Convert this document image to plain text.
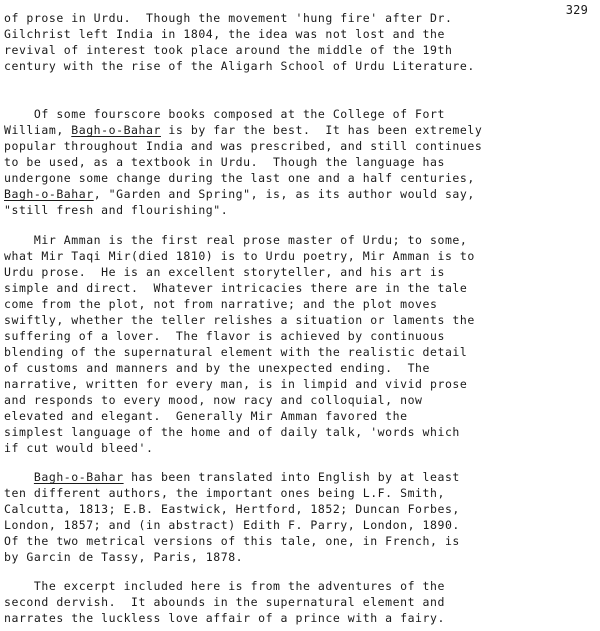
329
of prose in Urdu.  Though the movement 'hung fire' after Dr.
Gilchrist left India in 1804, the idea was not lost and the
revival of interest took place around the middle of the 19th
century with the rise of the Aligarh School of Urdu Literature.
Of some fourscore books composed at the College of Fort
William, Bagh-o-Bahar is by far the best.  It has been extremely
popular throughout India and was prescribed, and still continues
to be used, as a textbook in Urdu.  Though the language has
undergone some change during the last one and a half centuries,
Bagh-o-Bahar, "Garden and Spring", is, as its author would say,
"still fresh and flourishing".
Mir Amman is the first real prose master of Urdu; to some,
what Mir Taqi Mir(died 1810) is to Urdu poetry, Mir Amman is to
Urdu prose.  He is an excellent storyteller, and his art is
simple and direct.  Whatever intricacies there are in the tale
come from the plot, not from narrative; and the plot moves
swiftly, whether the teller relishes a situation or laments the
suffering of a lover.  The flavor is achieved by continuous
blending of the supernatural element with the realistic detail
of customs and manners and by the unexpected ending.  The
narrative, written for every man, is in limpid and vivid prose
and responds to every mood, now racy and colloquial, now
elevated and elegant.  Generally Mir Amman favored the
simplest language of the home and of daily talk, 'words which
if cut would bleed'.
Bagh-o-Bahar has been translated into English by at least
ten different authors, the important ones being L.F. Smith,
Calcutta, 1813; E.B. Eastwick, Hertford, 1852; Duncan Forbes,
London, 1857; and (in abstract) Edith F. Parry, London, 1890.
Of the two metrical versions of this tale, one, in French, is
by Garcin de Tassy, Paris, 1878.
The excerpt included here is from the adventures of the
second dervish.  It abounds in the supernatural element and
narrates the luckless love affair of a prince with a fairy.
